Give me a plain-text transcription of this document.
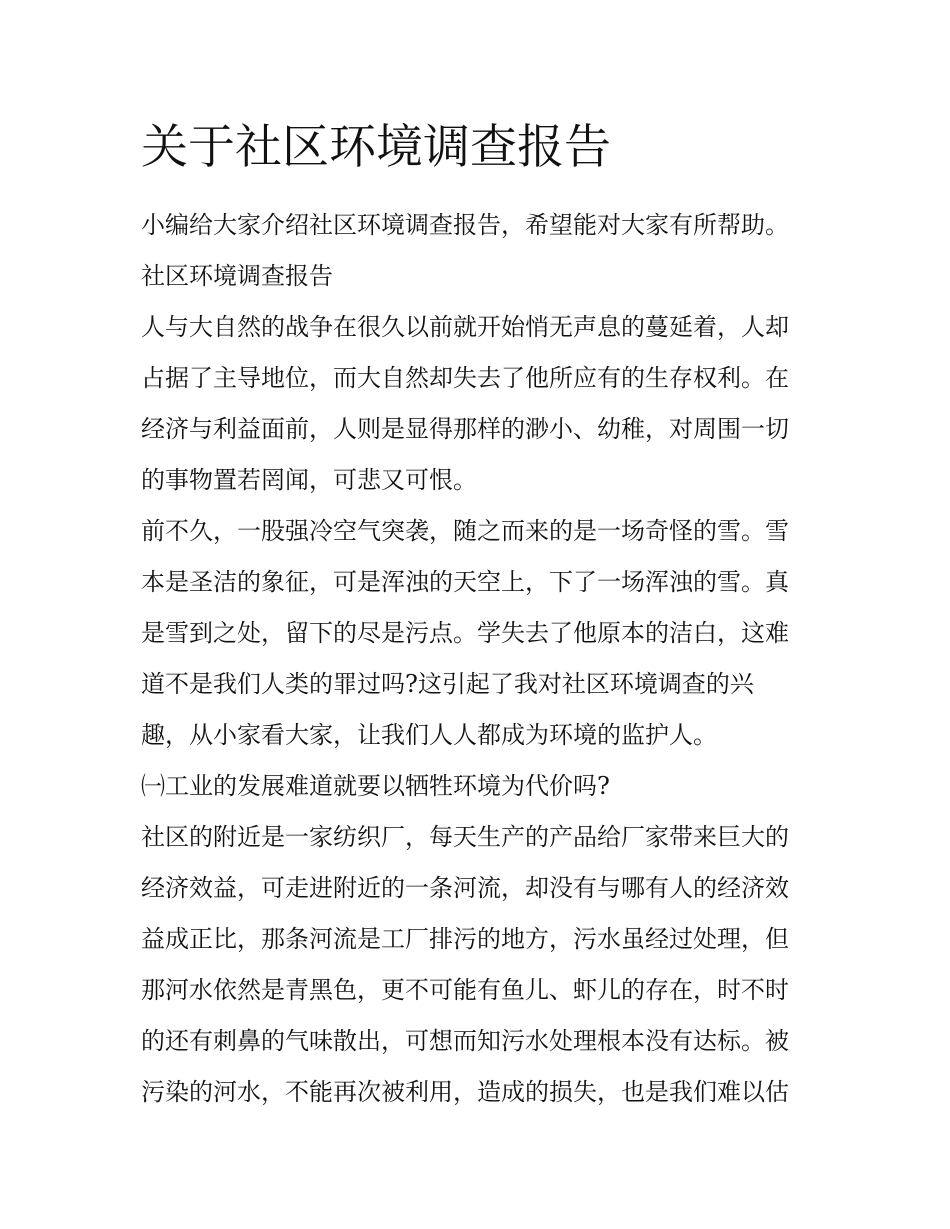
关于社区环境调查报告
小编给大家介绍社区环境调查报告，希望能对大家有所帮助。
社区环境调查报告
人与大自然的战争在很久以前就开始悄无声息的蔓延着，人却
占据了主导地位，而大自然却失去了他所应有的生存权利。在
经济与利益面前，人则是显得那样的渺小、幼稚，对周围一切
的事物置若罔闻，可悲又可恨。
前不久，一股强冷空气突袭，随之而来的是一场奇怪的雪。雪
本是圣洁的象征，可是浑浊的天空上，下了一场浑浊的雪。真
是雪到之处，留下的尽是污点。学失去了他原本的洁白，这难
道不是我们人类的罪过吗?这引起了我对社区环境调查的兴
趣，从小家看大家，让我们人人都成为环境的监护人。
㈠工业的发展难道就要以牺牲环境为代价吗?
社区的附近是一家纺织厂，每天生产的产品给厂家带来巨大的
经济效益，可走进附近的一条河流，却没有与哪有人的经济效
益成正比，那条河流是工厂排污的地方，污水虽经过处理，但
那河水依然是青黑色，更不可能有鱼儿、虾儿的存在，时不时
的还有刺鼻的气味散出，可想而知污水处理根本没有达标。被
污染的河水，不能再次被利用，造成的损失，也是我们难以估
